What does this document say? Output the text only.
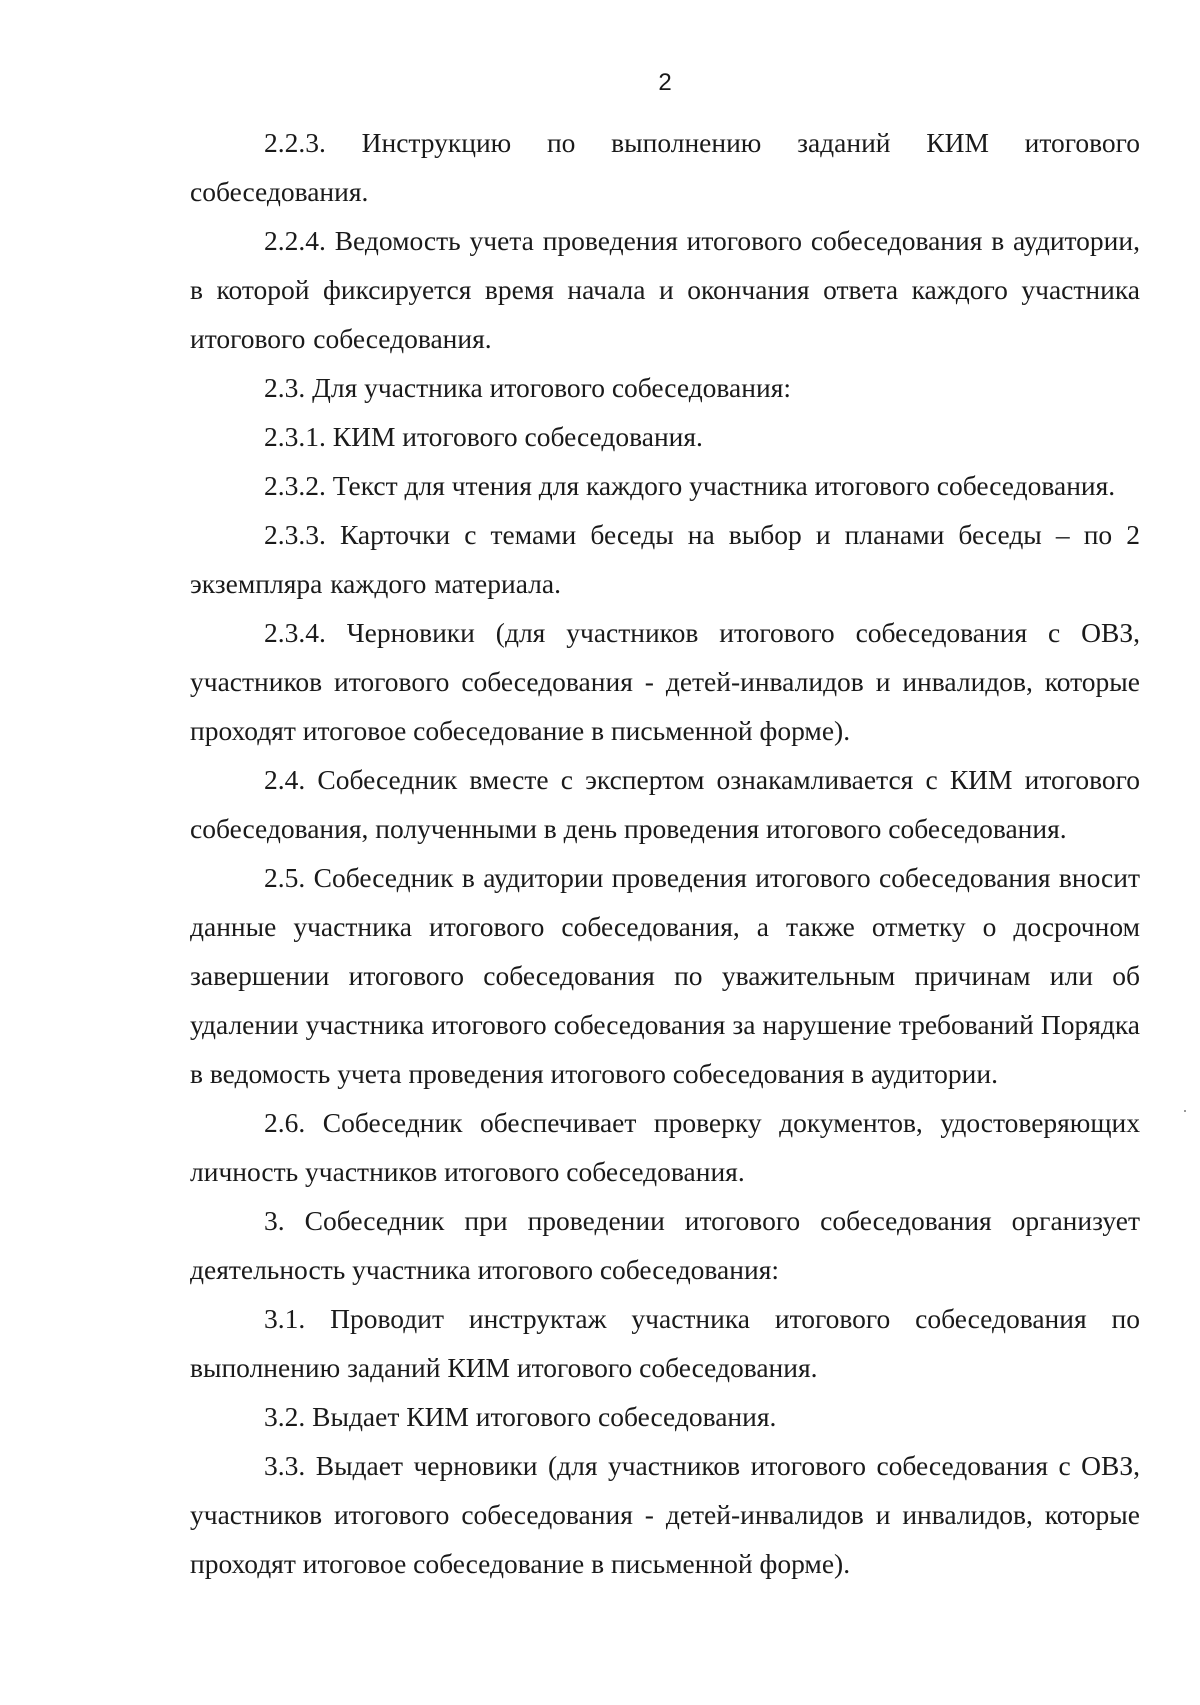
2

2.2.3. Инструкцию по выполнению заданий КИМ итогового собеседования.

2.2.4. Ведомость учета проведения итогового собеседования в аудитории, в которой фиксируется время начала и окончания ответа каждого участника итогового собеседования.

2.3. Для участника итогового собеседования:

2.3.1. КИМ итогового собеседования.

2.3.2. Текст для чтения для каждого участника итогового собеседования.

2.3.3. Карточки с темами беседы на выбор и планами беседы – по 2 экземпляра каждого материала.

2.3.4. Черновики (для участников итогового собеседования с ОВЗ, участников итогового собеседования - детей-инвалидов и инвалидов, которые проходят итоговое собеседование в письменной форме).

2.4. Собеседник вместе с экспертом ознакамливается с КИМ итогового собеседования, полученными в день проведения итогового собеседования.

2.5. Собеседник в аудитории проведения итогового собеседования вносит данные участника итогового собеседования, а также отметку о досрочном завершении итогового собеседования по уважительным причинам или об удалении участника итогового собеседования за нарушение требований Порядка в ведомость учета проведения итогового собеседования в аудитории.

2.6. Собеседник обеспечивает проверку документов, удостоверяющих личность участников итогового собеседования.

3. Собеседник при проведении итогового собеседования организует деятельность участника итогового собеседования:

3.1. Проводит инструктаж участника итогового собеседования по выполнению заданий КИМ итогового собеседования.

3.2. Выдает КИМ итогового собеседования.

3.3. Выдает черновики (для участников итогового собеседования с ОВЗ, участников итогового собеседования - детей-инвалидов и инвалидов, которые проходят итоговое собеседование в письменной форме).
